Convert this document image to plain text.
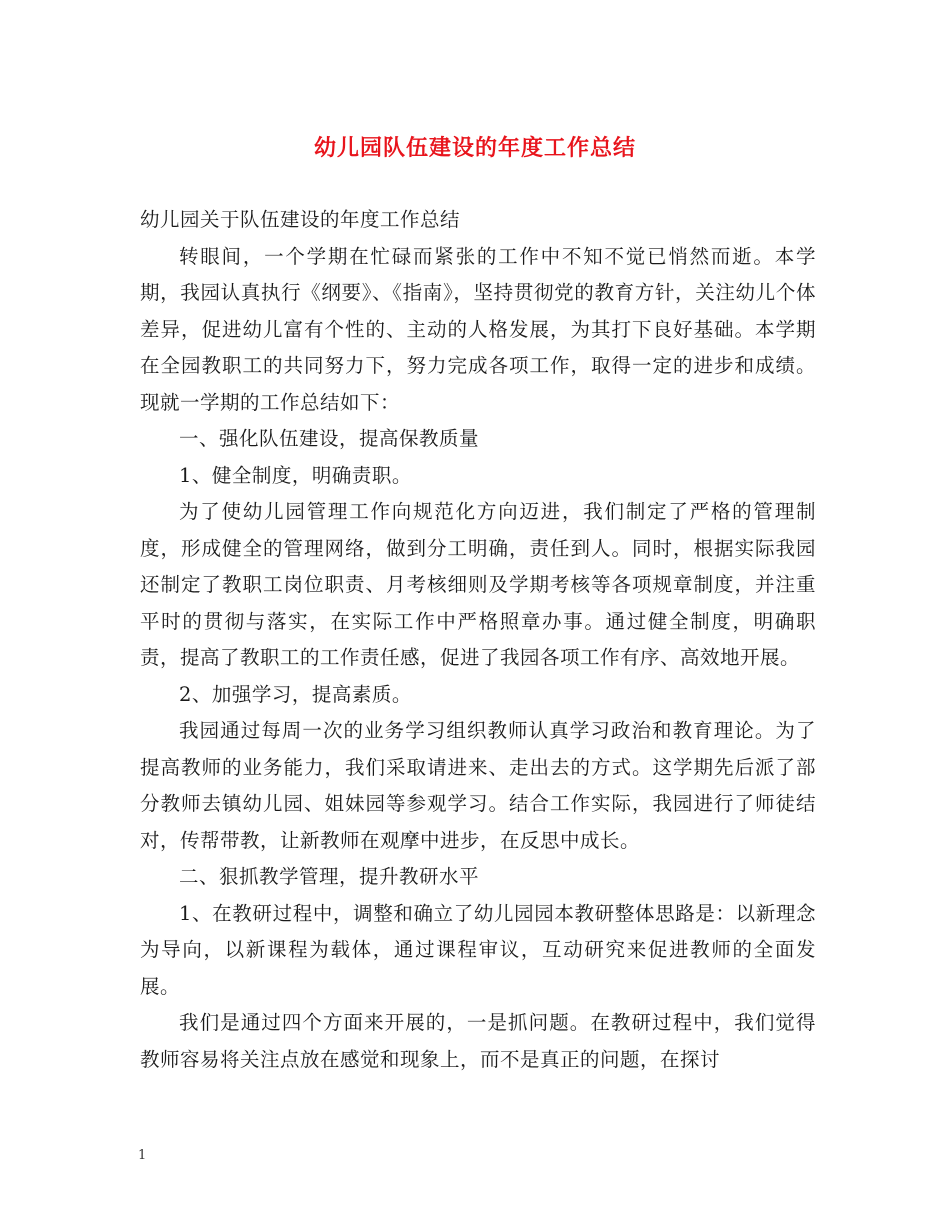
幼儿园队伍建设的年度工作总结

幼儿园关于队伍建设的年度工作总结

转眼间，一个学期在忙碌而紧张的工作中不知不觉已悄然而逝。本学期，我园认真执行《纲要》、《指南》，坚持贯彻党的教育方针，关注幼儿个体差异，促进幼儿富有个性的、主动的人格发展，为其打下良好基础。本学期在全园教职工的共同努力下，努力完成各项工作，取得一定的进步和成绩。现就一学期的工作总结如下：

一、强化队伍建设，提高保教质量

1、健全制度，明确责职。

为了使幼儿园管理工作向规范化方向迈进，我们制定了严格的管理制度，形成健全的管理网络，做到分工明确，责任到人。同时，根据实际我园还制定了教职工岗位职责、月考核细则及学期考核等各项规章制度，并注重平时的贯彻与落实，在实际工作中严格照章办事。通过健全制度，明确职责，提高了教职工的工作责任感，促进了我园各项工作有序、高效地开展。

2、加强学习，提高素质。

我园通过每周一次的业务学习组织教师认真学习政治和教育理论。为了提高教师的业务能力，我们采取请进来、走出去的方式。这学期先后派了部分教师去镇幼儿园、姐妹园等参观学习。结合工作实际，我园进行了师徒结对，传帮带教，让新教师在观摩中进步，在反思中成长。

二、狠抓教学管理，提升教研水平

1、在教研过程中，调整和确立了幼儿园园本教研整体思路是：以新理念为导向，以新课程为载体，通过课程审议，互动研究来促进教师的全面发展。

我们是通过四个方面来开展的，一是抓问题。在教研过程中，我们觉得教师容易将关注点放在感觉和现象上，而不是真正的问题，在探讨

1
